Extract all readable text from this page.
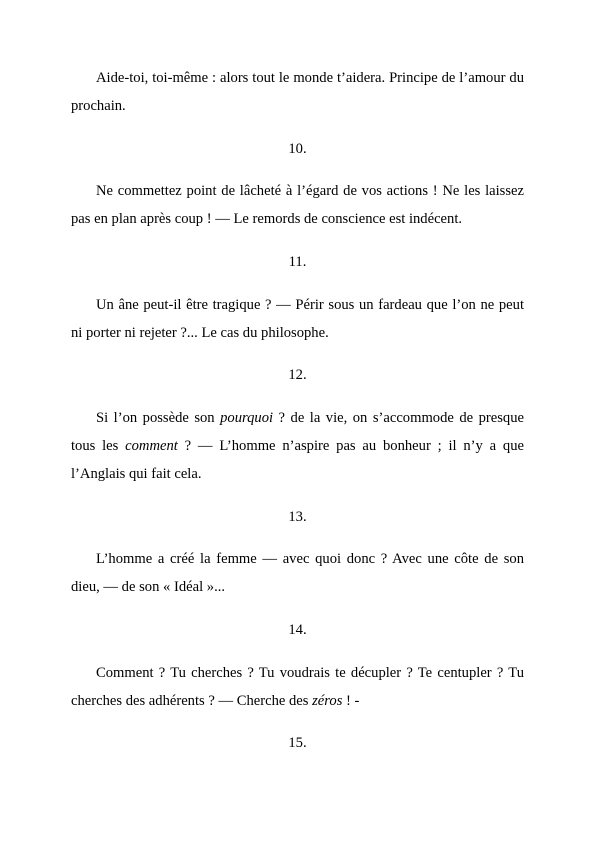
Aide-toi, toi-même : alors tout le monde t’aidera. Principe de l’amour du prochain.

10.

Ne commettez point de lâcheté à l’égard de vos actions ! Ne les laissez pas en plan après coup ! — Le remords de conscience est indécent.

11.

Un âne peut-il être tragique ? — Périr sous un fardeau que l’on ne peut ni porter ni rejeter ?... Le cas du philosophe.

12.

Si l’on possède son pourquoi ? de la vie, on s’accommode de presque tous les comment ? — L’homme n’aspire pas au bonheur ; il n’y a que l’Anglais qui fait cela.

13.

L’homme a créé la femme — avec quoi donc ? Avec une côte de son dieu, — de son « Idéal »...

14.

Comment ? Tu cherches ? Tu voudrais te décupler ? Te centupler ? Tu cherches des adhérents ? — Cherche des zéros ! -

15.
